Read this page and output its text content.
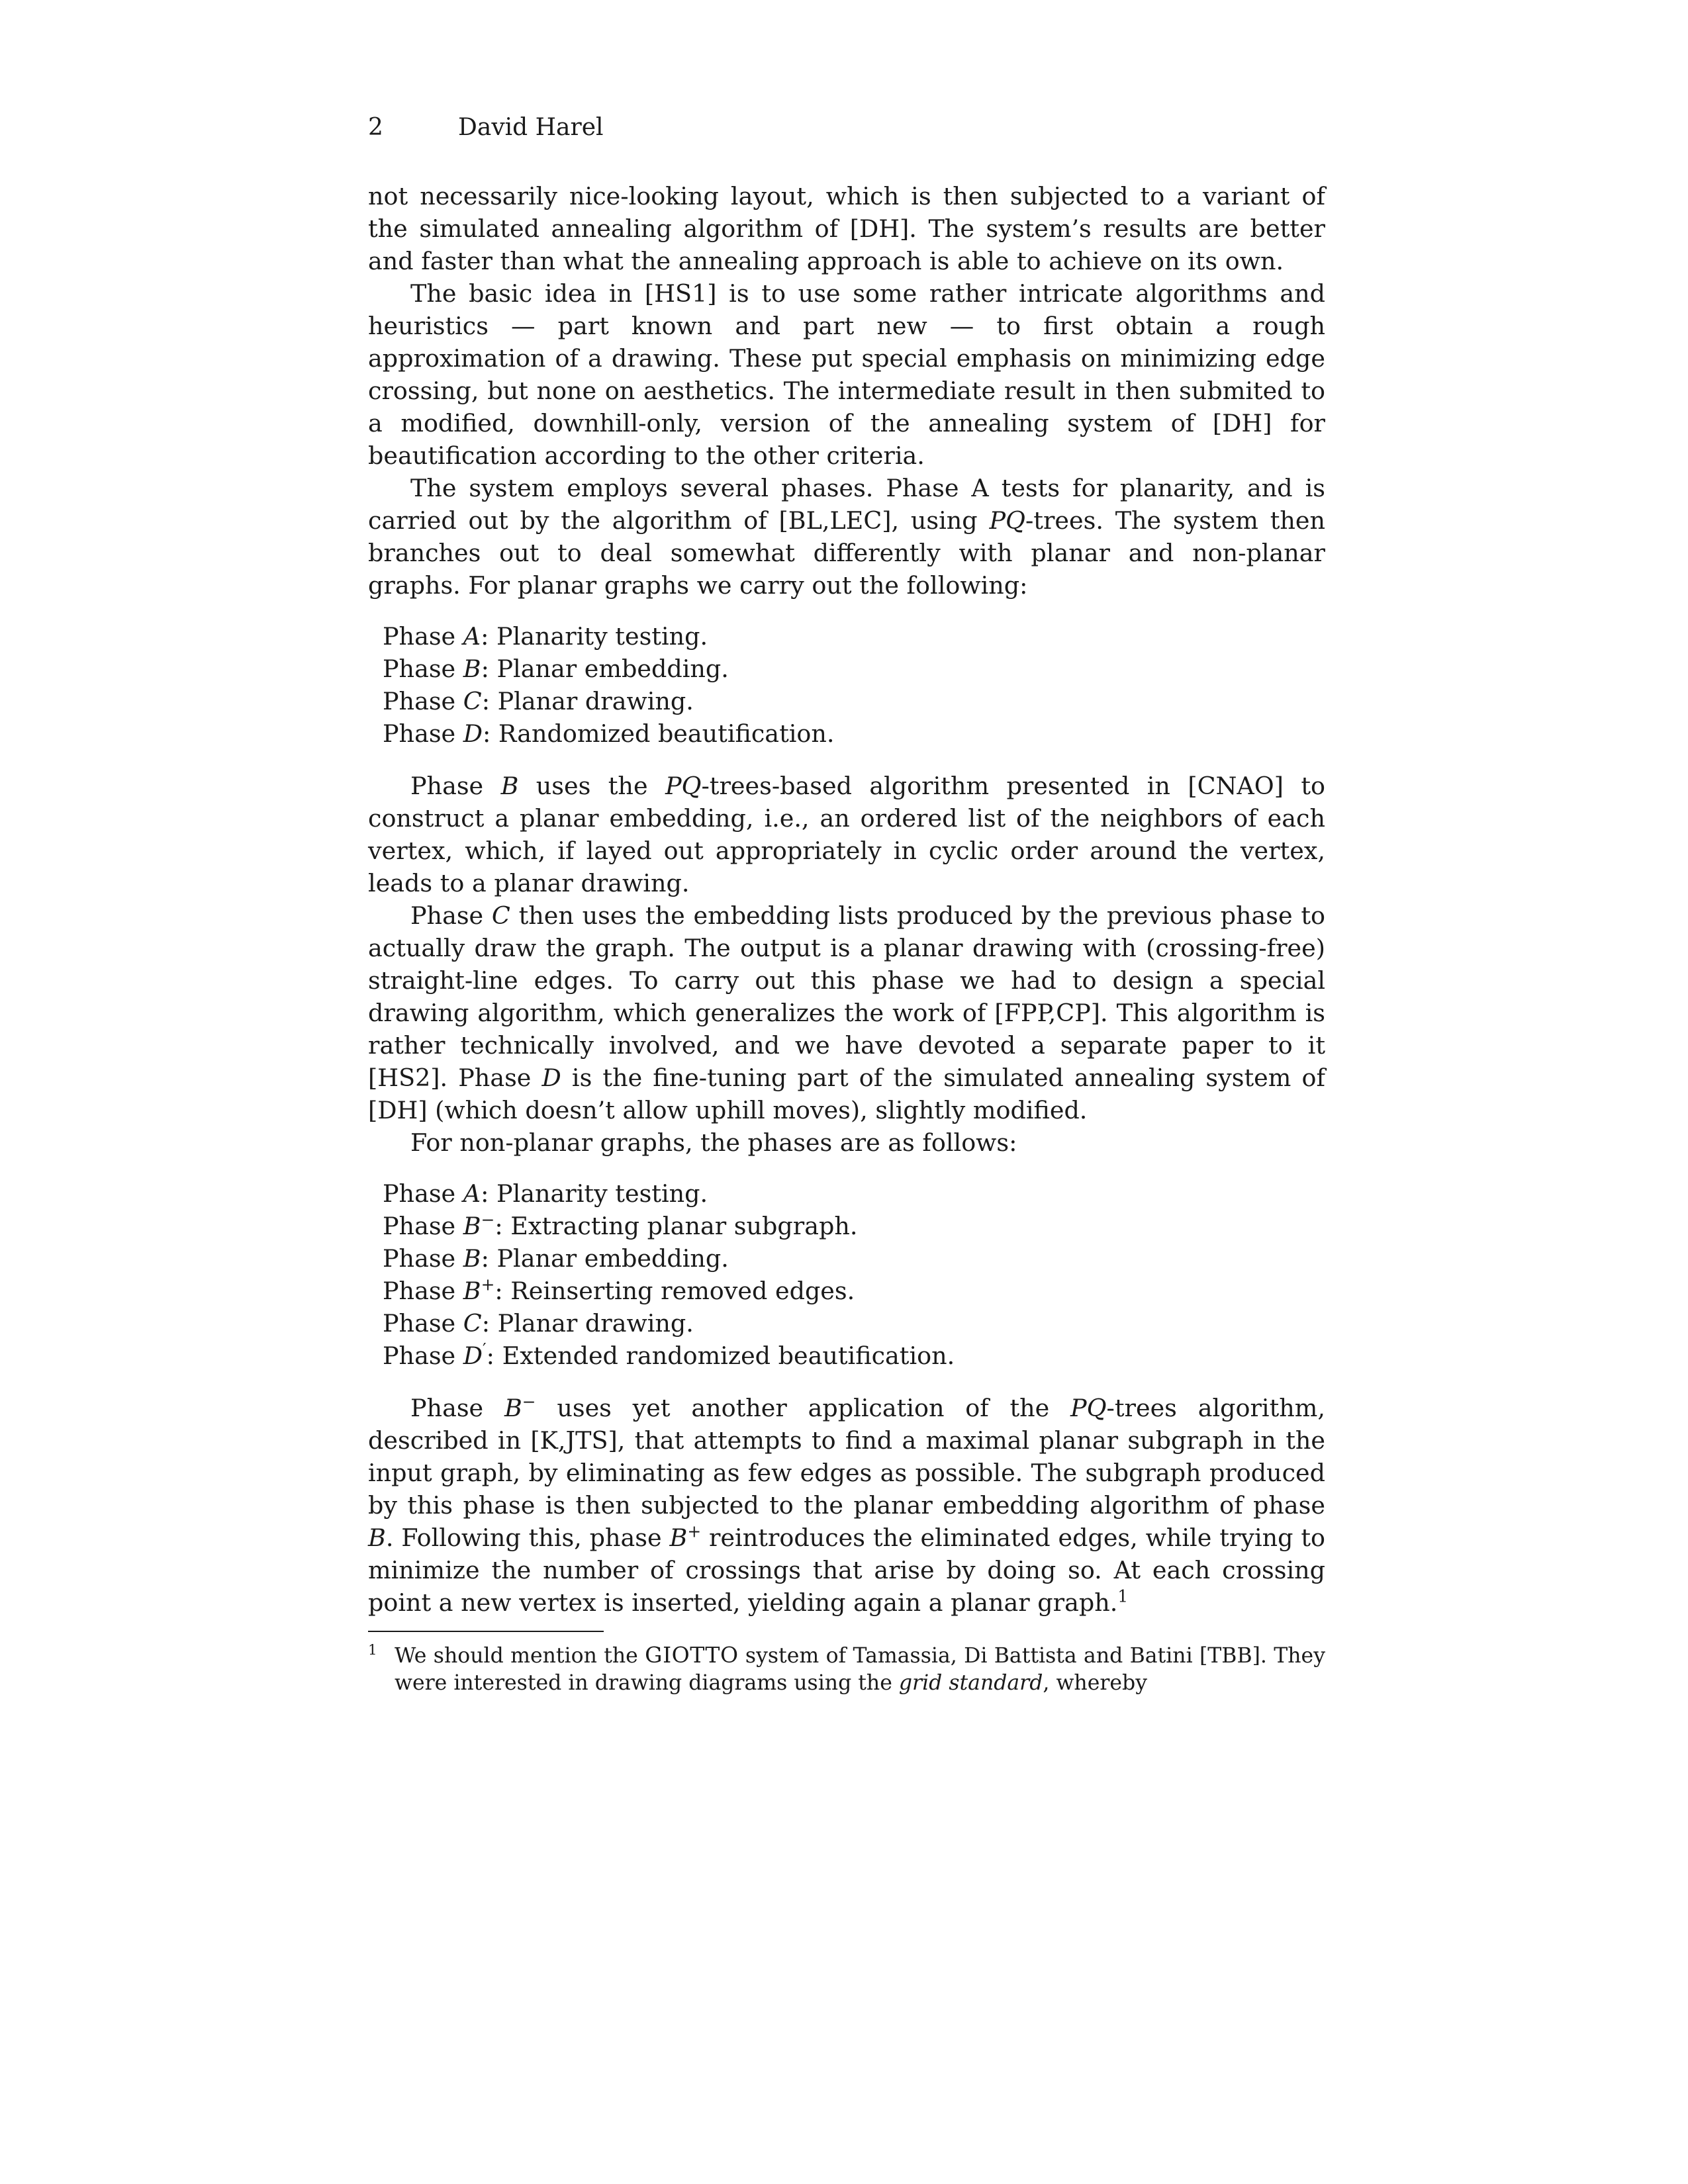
2	David Harel

not necessarily nice-looking layout, which is then subjected to a variant of the simulated annealing algorithm of [DH]. The system’s results are better and faster than what the annealing approach is able to achieve on its own.

The basic idea in [HS1] is to use some rather intricate algorithms and heuristics — part known and part new — to first obtain a rough approximation of a drawing. These put special emphasis on minimizing edge crossing, but none on aesthetics. The intermediate result in then submited to a modified, downhill-only, version of the annealing system of [DH] for beautification according to the other criteria.

The system employs several phases. Phase A tests for planarity, and is carried out by the algorithm of [BL,LEC], using PQ-trees. The system then branches out to deal somewhat differently with planar and non-planar graphs. For planar graphs we carry out the following:

Phase A: Planarity testing.
Phase B: Planar embedding.
Phase C: Planar drawing.
Phase D: Randomized beautification.

Phase B uses the PQ-trees-based algorithm presented in [CNAO] to construct a planar embedding, i.e., an ordered list of the neighbors of each vertex, which, if layed out appropriately in cyclic order around the vertex, leads to a planar drawing.

Phase C then uses the embedding lists produced by the previous phase to actually draw the graph. The output is a planar drawing with (crossing-free) straight-line edges. To carry out this phase we had to design a special drawing algorithm, which generalizes the work of [FPP,CP]. This algorithm is rather technically involved, and we have devoted a separate paper to it [HS2]. Phase D is the fine-tuning part of the simulated annealing system of [DH] (which doesn’t allow uphill moves), slightly modified.

For non-planar graphs, the phases are as follows:

Phase A: Planarity testing.
Phase B−: Extracting planar subgraph.
Phase B: Planar embedding.
Phase B+: Reinserting removed edges.
Phase C: Planar drawing.
Phase D′: Extended randomized beautification.

Phase B− uses yet another application of the PQ-trees algorithm, described in [K,JTS], that attempts to find a maximal planar subgraph in the input graph, by eliminating as few edges as possible. The subgraph produced by this phase is then subjected to the planar embedding algorithm of phase B. Following this, phase B+ reintroduces the eliminated edges, while trying to minimize the number of crossings that arise by doing so. At each crossing point a new vertex is inserted, yielding again a planar graph.$^1$

$^1$ We should mention the GIOTTO system of Tamassia, Di Battista and Batini [TBB]. They were interested in drawing diagrams using the grid standard, whereby
